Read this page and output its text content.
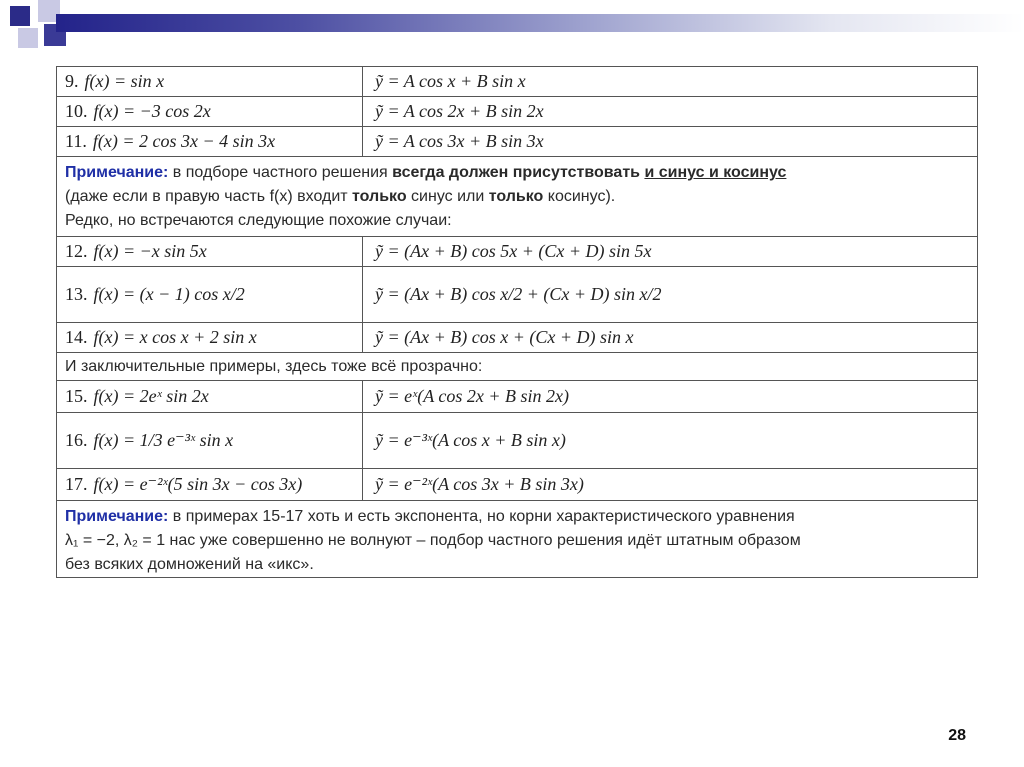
9. f(x) = sin x	ỹ = A cos x + B sin x
10. f(x) = −3 cos 2x	ỹ = A cos 2x + B sin 2x
11. f(x) = 2 cos 3x − 4 sin 3x	ỹ = A cos 3x + B sin 3x
Примечание: в подборе частного решения всегда должен присутствовать и синус и косинус
(даже если в правую часть f(x) входит только синус или только косинус).
Редко, но встречаются следующие похожие случаи:
12. f(x) = −x sin 5x	ỹ = (Ax + B) cos 5x + (Cx + D) sin 5x
13. f(x) = (x − 1) cos x/2	ỹ = (Ax + B) cos x/2 + (Cx + D) sin x/2
14. f(x) = x cos x + 2 sin x	ỹ = (Ax + B) cos x + (Cx + D) sin x
И заключительные примеры, здесь тоже всё прозрачно:
15. f(x) = 2eˣ sin 2x	ỹ = eˣ(A cos 2x + B sin 2x)
16. f(x) = 1/3 e⁻³ˣ sin x	ỹ = e⁻³ˣ(A cos x + B sin x)
17. f(x) = e⁻²ˣ(5 sin 3x − cos 3x)	ỹ = e⁻²ˣ(A cos 3x + B sin 3x)
Примечание: в примерах 15-17 хоть и есть экспонента, но корни характеристического уравнения
λ₁ = −2, λ₂ = 1 нас уже совершенно не волнуют – подбор частного решения идёт штатным образом
без всяких домножений на «икс».
28
